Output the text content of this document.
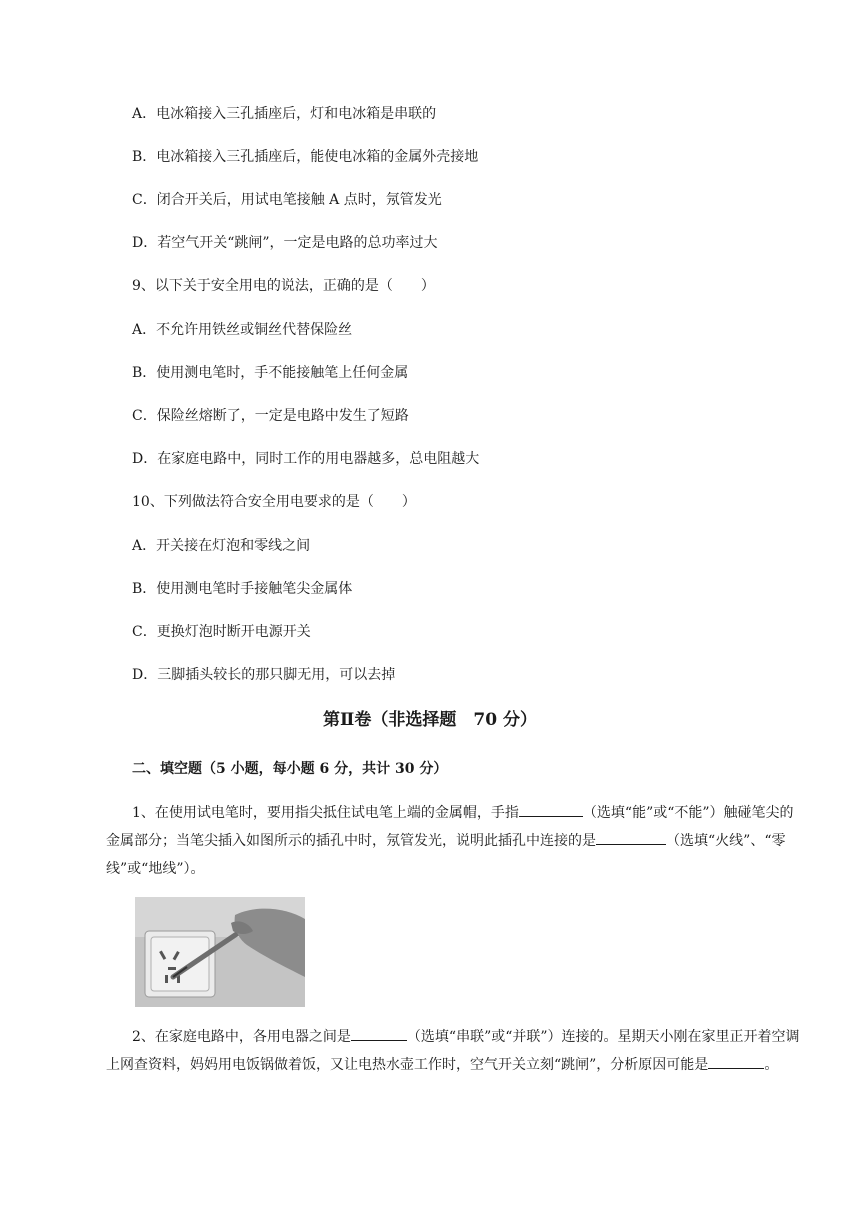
A．电冰箱接入三孔插座后，灯和电冰箱是串联的
B．电冰箱接入三孔插座后，能使电冰箱的金属外壳接地
C．闭合开关后，用试电笔接触 A 点时，氖管发光
D．若空气开关“跳闸”，一定是电路的总功率过大
9、以下关于安全用电的说法，正确的是（　　）
A．不允许用铁丝或铜丝代替保险丝
B．使用测电笔时，手不能接触笔上任何金属
C．保险丝熔断了，一定是电路中发生了短路
D．在家庭电路中，同时工作的用电器越多，总电阻越大
10、下列做法符合安全用电要求的是（　　）
A．开关接在灯泡和零线之间
B．使用测电笔时手接触笔尖金属体
C．更换灯泡时断开电源开关
D．三脚插头较长的那只脚无用，可以去掉
第Ⅱ卷（非选择题　70 分）
二、填空题（5 小题，每小题 6 分，共计 30 分）
1、在使用试电笔时，要用指尖抵住试电笔上端的金属帽，手指	（选填“能”或“不能”）触碰笔尖的金属部分；当笔尖插入如图所示的插孔中时，氖管发光，说明此插孔中连接的是	（选填“火线”、“零线”或“地线”）。
2、在家庭电路中，各用电器之间是	（选填“串联”或“并联”）连接的。星期天小刚在家里正开着空调上网查资料，妈妈用电饭锅做着饭，又让电热水壶工作时，空气开关立刻“跳闸”，分析原因可能是	。
